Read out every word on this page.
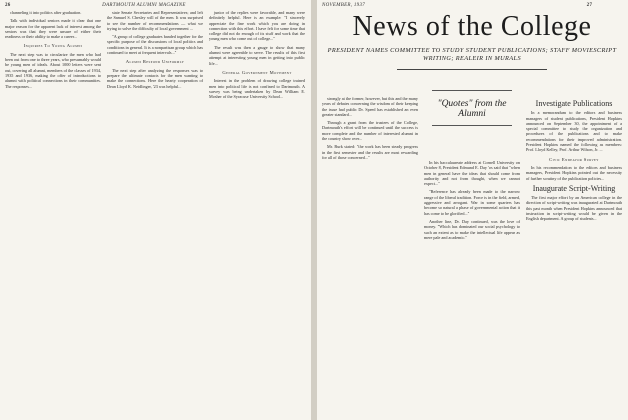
26	DARTMOUTH ALUMNI MAGAZINE

channeling it into politics after graduation.

Talk with individual seniors made it clear that one major reason for the apparent lack of interest among the seniors was that they were unsure of either their readiness or their ability to make a career...

Inquiries To Young Alumni

The next step was to circularize the men who had been out from one to three years, who presumably would be young men of ideals. About 1000 letters were sent out, covering all alumni, members of the classes of 1934, 1935 and 1936, making the offer of introductions to alumni with political connections in their communities. The responses...

state Senate Secretaries and Representatives; and left the Samuel S. Chesley will of the men. It was surprised to see the number of recommendations — what we trying to solve the difficulty of local government ...

"A group of college graduates banded together for the specific purpose of the discussions of local politics and conditions in general. It is a nonpartisan group which has continued to meet at frequent intervals..."

Alumni Respond Uniformly

The next step after analyzing the responses was to prepare the ultimate contacts for the men wanting to make the connections. Here the hearty cooperation of Dean Lloyd K. Neidlinger, '23 was helpful...

junior of the replies were favorable, and many were definitely helpful. Here is an example: "I sincerely appreciate the fine work which you are doing in connection with this effort. I have felt for some time that college did not do enough of its stuff and work that the young men who come out of college..."

The result was then a gauge to show that many alumni were agreeable to serve. The results of this first attempt at interesting young men in getting into public life...

General Government Movement

Interest in the problem of drawing college trained men into political life is not confined to Dartmouth. A survey was being undertaken by Dean William E. Mosher of the Syracuse University School...

NOVEMBER, 1937	27
News of the College
PRESIDENT NAMES COMMITTEE TO STUDY STUDENT PUBLICATIONS; STAFF MOVIESCRIPT WRITING; REALEIR IN MURALS

strongly at the former, however, but this and the many years of debates concerning the wisdom of their keeping the issue had public Dr. Speed has established an even greater standard...

Through a grant from the trustees of the College, Dartmouth's effort will be continued until the success is more complete and the number of interested alumni in the country show over...

Mr. Burk stated: "the work has been steady progress in the first semester and the results are most rewarding for all of those concerned..."

"Quotes" from the Alumni

In his baccalaureate address at Cornell University on October 8, President Edmund E. Day 'os said that "when men in general have the ideas that should come from authority and not from thought, when we cannot expect..."

"Reference has already been made to the narrow range of the liberal tradition. Force is in the field, armed, aggressive and arrogant. War in some quarters has become so natural a phase of governmental action that it has come to be glorified..."

Another line, Dr. Day continued, was the love of money. "Which has dominated our social psychology to such an extent as to make the intellectual life appear as mere pale and academic."

Investigate Publications

In a memorandum to the editors and business managers of student publications, President Hopkins announced on September 30, the appointment of a special committee to study the organization and procedures of the publications and to make recommendations for their improved administration. President Hopkins named the following as members: Prof. Lloyd Kelley, Prof. Arthur Wilson, Jr. ...

Civic Endeavor Survey

In his recommendation to the editors and business managers, President Hopkins pointed out the necessity of further scrutiny of the publication policies...

Inaugurate Script-Writing

The first major effort by an American college in the direction of script-writing was inaugurated at Dartmouth this past month when President Hopkins announced that instruction in script-writing would be given in the English department. A group of students...
